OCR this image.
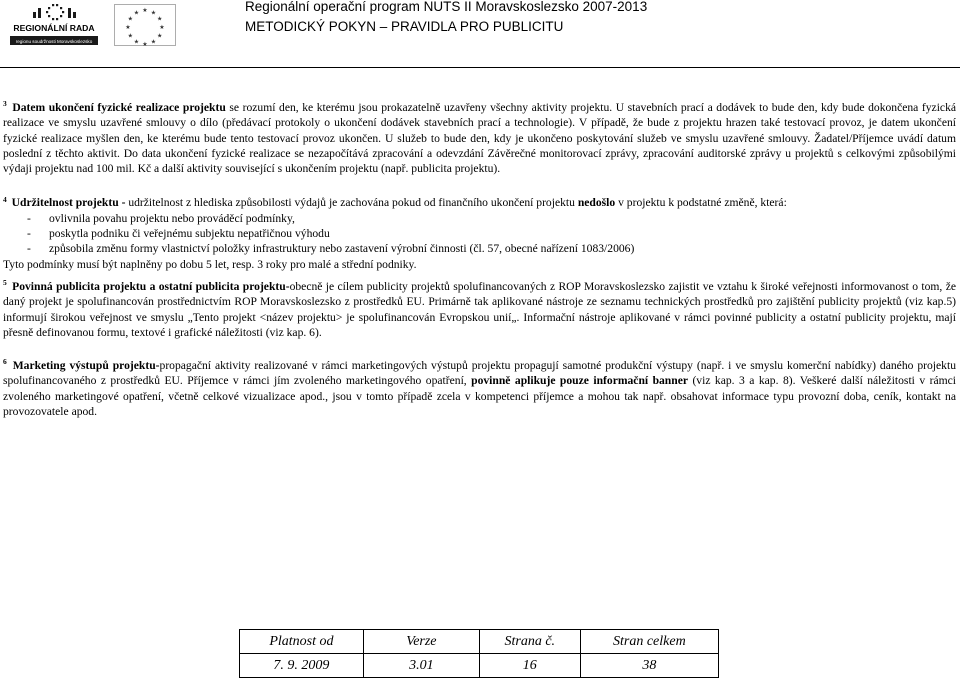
REGIONÁLNÍ RADA
regionu soudržnosti Moravskoslezsko
★ ★
★
★
★
★
★
★
★
★
★
★	Regionální operační program NUTS II Moravskoslezsko 2007-2013
METODICKÝ POKYN – PRAVIDLA PRO PUBLICITU

$^3$ Datem ukončení fyzické realizace projektu se rozumí den, ke kterému jsou prokazatelně uzavřeny všechny aktivity projektu. U stavebních prací a dodávek to bude den, kdy bude dokončena fyzická realizace ve smyslu uzavřené smlouvy o dílo (předávací protokoly o ukončení dodávek stavebních prací a technologie). V případě, že bude z projektu hrazen také testovací provoz, je datem ukončení fyzické realizace myšlen den, ke kterému bude tento testovací provoz ukončen. U služeb to bude den, kdy je ukončeno poskytování služeb ve smyslu uzavřené smlouvy. Žadatel/Příjemce uvádí datum poslední z těchto aktivit. Do data ukončení fyzické realizace se nezapočítává zpracování a odevzdání Závěrečné monitorovací zprávy, zpracování auditorské zprávy u projektů s celkovými způsobilými výdaji projektu nad 100 mil. Kč a další aktivity související s ukončením projektu (např. publicita projektu).

$^4$ Udržitelnost projektu - udržitelnost z hlediska způsobilosti výdajů je zachována pokud od finančního ukončení projektu nedošlo v projektu k podstatné změně, která:

- ovlivnila povahu projektu nebo prováděcí podmínky,
- poskytla podniku či veřejnému subjektu nepatřičnou výhodu
- způsobila změnu formy vlastnictví položky infrastruktury nebo zastavení výrobní činnosti (čl. 57, obecné nařízení 1083/2006)

Tyto podmínky musí být naplněny po dobu 5 let, resp. 3 roky pro malé a střední podniky.

$^5$ Povinná publicita projektu a ostatní publicita projektu-obecně je cílem publicity projektů spolufinancovaných z ROP Moravskoslezsko zajistit ve vztahu k široké veřejnosti informovanost o tom, že daný projekt je spolufinancován prostřednictvím ROP Moravskoslezsko z prostředků EU. Primárně tak aplikované nástroje ze seznamu technických prostředků pro zajištění publicity projektů (viz kap.5) informují širokou veřejnost ve smyslu „Tento projekt <název projektu> je spolufinancován Evropskou unií„. Informační nástroje aplikované v rámci povinné publicity a ostatní publicity projektu, mají přesně definovanou formu, textové i grafické náležitosti (viz kap. 6).

$^6$ Marketing výstupů projektu-propagační aktivity realizované v rámci marketingových výstupů projektu propagují samotné produkční výstupy (např. i ve smyslu komerční nabídky) daného projektu spolufinancovaného z prostředků EU. Příjemce v rámci jím zvoleného marketingového opatření, povinně aplikuje pouze informační banner (viz kap. 3 a kap. 8). Veškeré další náležitosti v rámci zvoleného marketingové opatření, včetně celkové vizualizace apod., jsou v tomto případě zcela v kompetenci příjemce a mohou tak např. obsahovat informace typu provozní doba, ceník, kontakt na provozovatele apod.

Platnost od	Verze	Strana č.	Stran celkem
7. 9. 2009	3.01	16	38
